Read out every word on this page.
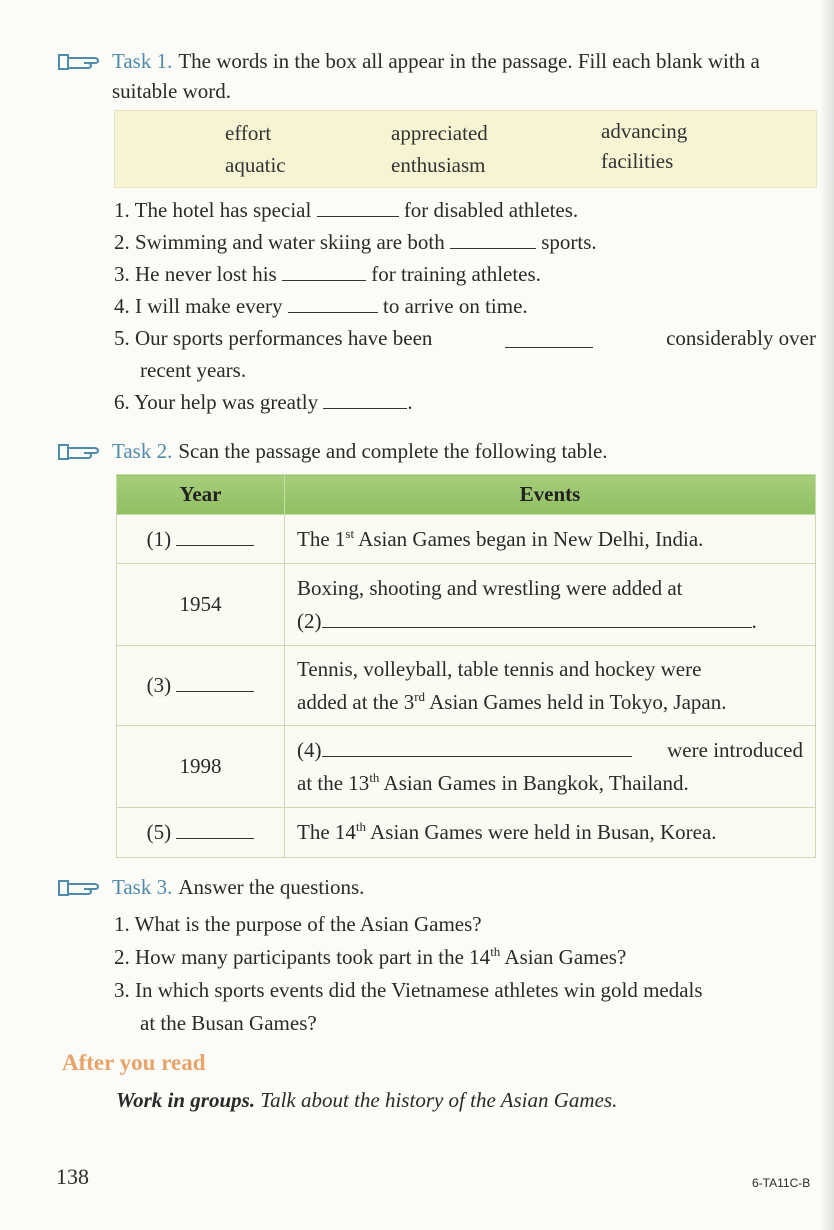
Task 1. The words in the box all appear in the passage. Fill each blank with a suitable word.
effort	appreciated	advancing
aquatic	enthusiasm	facilities
1. The hotel has special	for disabled athletes.
2. Swimming and water skiing are both	sports.
3. He never lost his	for training athletes.
4. I will make every	to arrive on time.
5. Our sports performances have been	considerably over
recent years.
6. Your help was greatly	.
Task 2. Scan the passage and complete the following table.
Year	Events
(1)	The 1st Asian Games began in New Delhi, India.
1954	Boxing, shooting and wrestling were added at
(2) .

(3)	Tennis, volleyball, table tennis and hockey were
added at the 3rd Asian Games held in Tokyo, Japan.

1998	(4) were introduced
at the 13th Asian Games in Bangkok, Thailand.

(5)	The 14th Asian Games were held in Busan, Korea.
Task 3. Answer the questions.
1. What is the purpose of the Asian Games?
2. How many participants took part in the 14th Asian Games?
3. In which sports events did the Vietnamese athletes win gold medals
at the Busan Games?
After you read
Work in groups. Talk about the history of the Asian Games.
138	6-TA11C-B
